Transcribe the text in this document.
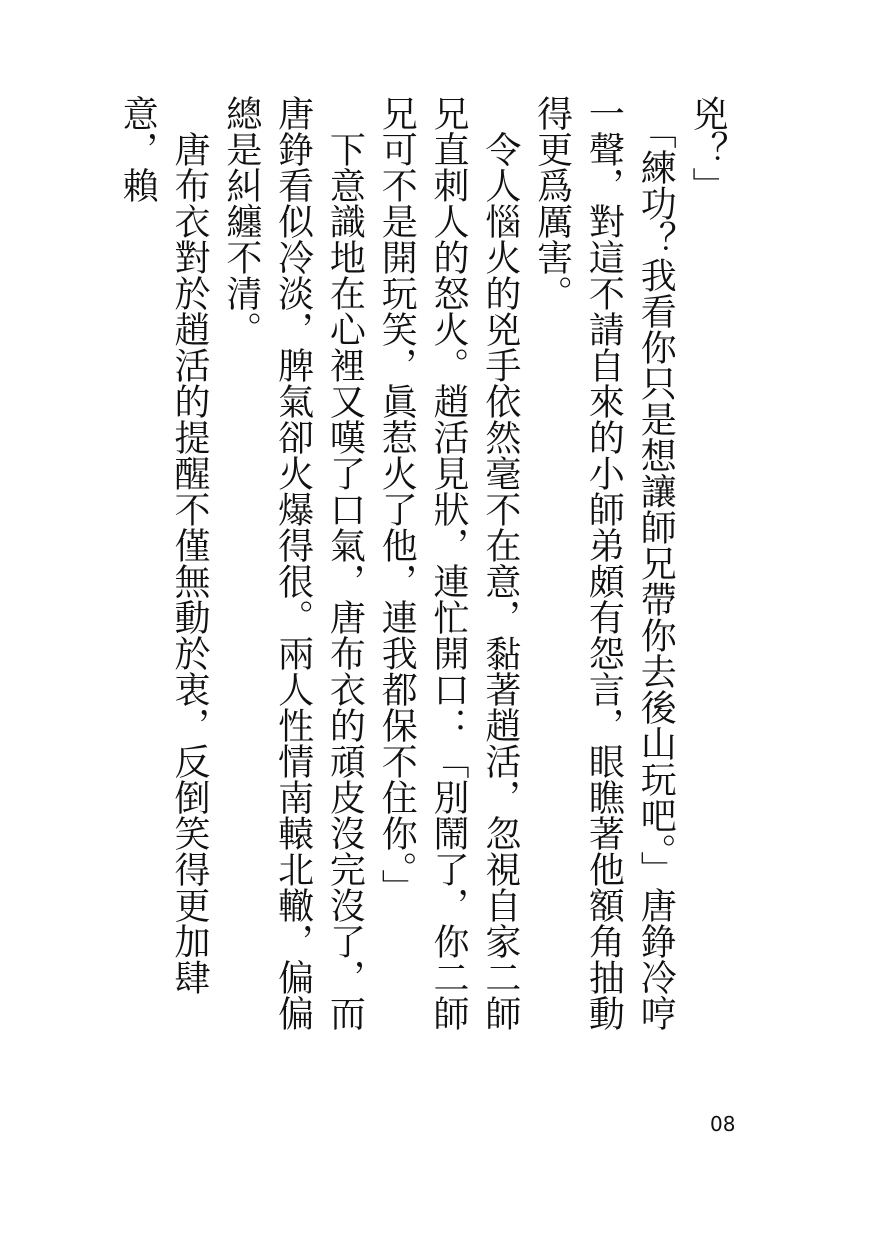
兇？」

　「練功？我看你只是想讓師兄帶你去後山玩吧。」唐錚冷哼一聲，對這不請自來的小師弟頗有怨言，眼瞧著他額角抽動得更爲厲害。

　令人惱火的兇手依然毫不在意，黏著趙活，忽視自家二師兄直刺人的怒火。趙活見狀，連忙開口：「別鬧了，你二師兄可不是開玩笑，眞惹火了他，連我都保不住你。」

　下意識地在心裡又嘆了口氣，唐布衣的頑皮沒完沒了，而唐錚看似冷淡，脾氣卻火爆得很。兩人性情南轅北轍，偏偏總是糾纏不清。

　唐布衣對於趙活的提醒不僅無動於衷，反倒笑得更加肆意，賴

08
